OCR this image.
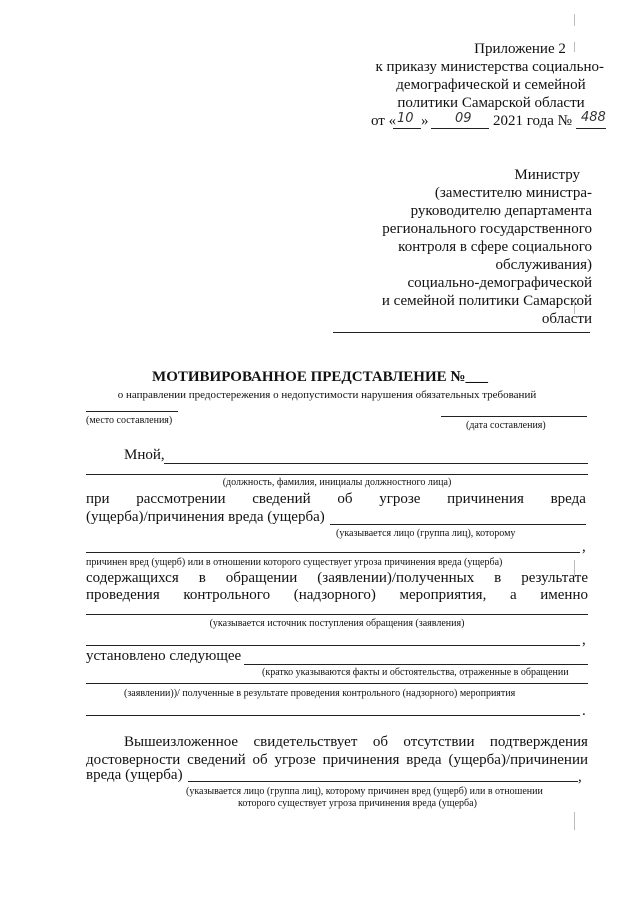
Приложение 2
к приказу министерства социально-
демографической и семейной
политики Самарской области
от « 10 » 09 2021 года № 488
Министру
(заместителю министра-
руководителю департамента
регионального государственного
контроля в сфере социального
обслуживания)
социально-демографической
и семейной политики Самарской
области
МОТИВИРОВАННОЕ ПРЕДСТАВЛЕНИЕ №___
о направлении предостережения о недопустимости нарушения обязательных требований
(место составления)	(дата составления)
Мной,
(должность, фамилия, инициалы должностного лица)
при рассмотрении сведений об угрозе причинения вреда
(ущерба)/причинения вреда (ущерба)
(указывается лицо (группа лиц), которому
,
причинен вред (ущерб) или в отношении которого существует угроза причинения вреда (ущерба)
содержащихся в обращении (заявлении)/полученных в результате
проведения контрольного (надзорного) мероприятия, а именно
(указывается источник поступления обращения (заявления)
,
установлено следующее
(кратко указываются факты и обстоятельства, отраженные в обращении
(заявлении))/ полученные в результате проведения контрольного (надзорного) мероприятия
.
Вышеизложенное свидетельствует об отсутствии подтверждения
достоверности сведений об угрозе причинения вреда (ущерба)/причинении
вреда (ущерба)	,
(указывается лицо (группа лиц), которому причинен вред (ущерб) или в отношении
которого существует угроза причинения вреда (ущерба)
